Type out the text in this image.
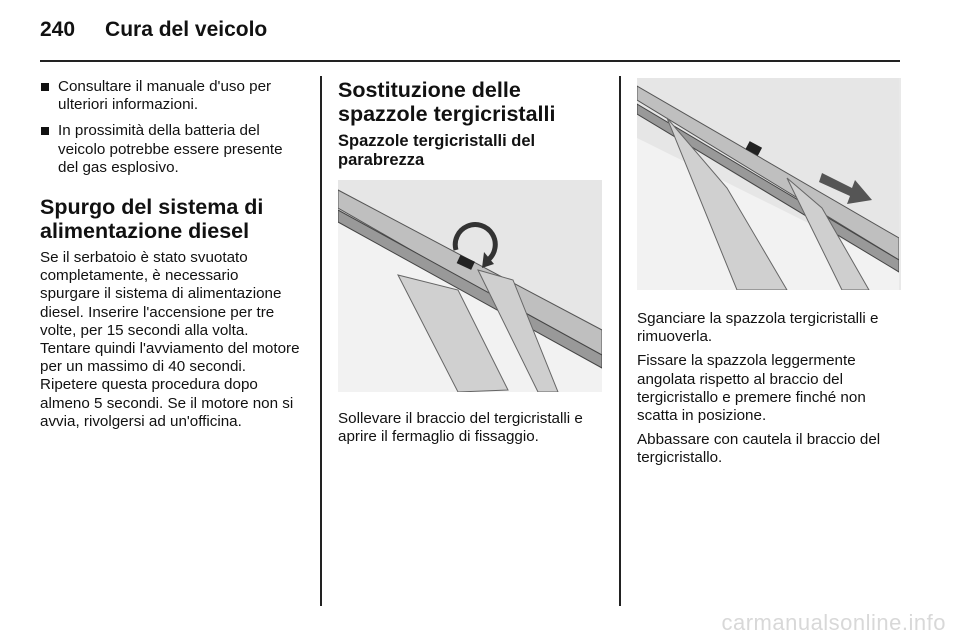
240 Cura del veicolo
Consultare il manuale d'uso per ulteriori informazioni.
In prossimità della batteria del veicolo potrebbe essere presente del gas esplosivo.
Spurgo del sistema di alimentazione diesel

Se il serbatoio è stato svuotato completamente, è necessario spurgare il sistema di alimentazione diesel. Inserire l'accensione per tre volte, per 15 secondi alla volta. Tentare quindi l'avviamento del motore per un massimo di 40 secondi. Ripetere questa procedura dopo almeno 5 secondi. Se il motore non si avvia, rivolgersi ad un'officina.

Sostituzione delle spazzole tergicristalli
Spazzole tergicristalli del parabrezza

Sollevare il braccio del tergicristalli e aprire il fermaglio di fissaggio.

Sganciare la spazzola tergicristalli e rimuoverla.

Fissare la spazzola leggermente angolata rispetto al braccio del tergicristallo e premere finché non scatta in posizione.

Abbassare con cautela il braccio del tergicristallo.

carmanualsonline.info
